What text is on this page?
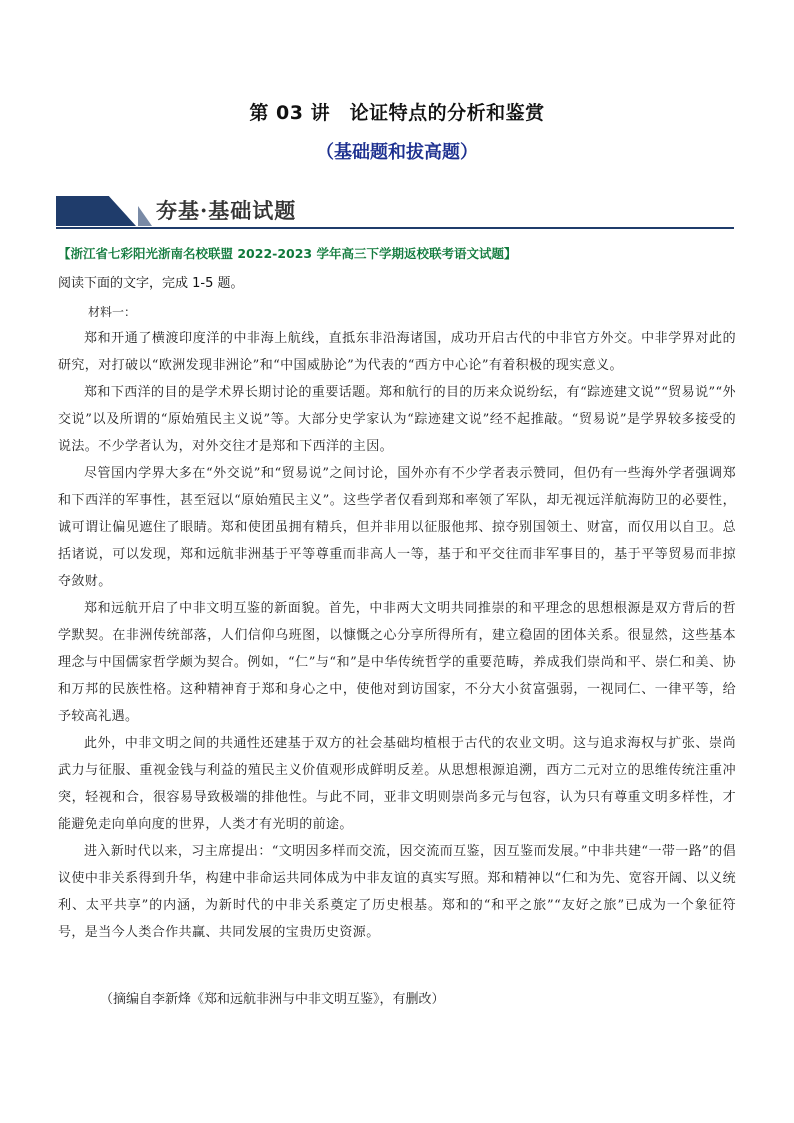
第 03 讲　论证特点的分析和鉴赏
（基础题和拔高题）
夯基·基础试题
【浙江省七彩阳光浙南名校联盟 2022-2023 学年高三下学期返校联考语文试题】
阅读下面的文字，完成 1-5 题。
材料一：

郑和开通了横渡印度洋的中非海上航线，直抵东非沿海诸国，成功开启古代的中非官方外交。中非学界对此的研究，对打破以“欧洲发现非洲论”和“中国威胁论”为代表的“西方中心论”有着积极的现实意义。

郑和下西洋的目的是学术界长期讨论的重要话题。郑和航行的目的历来众说纷纭，有“踪迹建文说”“贸易说”“外交说”以及所谓的“原始殖民主义说”等。大部分史学家认为“踪迹建文说”经不起推敲。“贸易说”是学界较多接受的说法。不少学者认为，对外交往才是郑和下西洋的主因。

尽管国内学界大多在“外交说”和“贸易说”之间讨论，国外亦有不少学者表示赞同，但仍有一些海外学者强调郑和下西洋的军事性，甚至冠以“原始殖民主义”。这些学者仅看到郑和率领了军队，却无视远洋航海防卫的必要性，诚可谓让偏见遮住了眼睛。郑和使团虽拥有精兵，但并非用以征服他邦、掠夺别国领土、财富，而仅用以自卫。总括诸说，可以发现，郑和远航非洲基于平等尊重而非高人一等，基于和平交往而非军事目的，基于平等贸易而非掠夺敛财。

郑和远航开启了中非文明互鉴的新面貌。首先，中非两大文明共同推崇的和平理念的思想根源是双方背后的哲学默契。在非洲传统部落，人们信仰乌班图，以慷慨之心分享所得所有，建立稳固的团体关系。很显然，这些基本理念与中国儒家哲学颇为契合。例如，“仁”与“和”是中华传统哲学的重要范畴，养成我们崇尚和平、崇仁和美、协和万邦的民族性格。这种精神育于郑和身心之中，使他对到访国家，不分大小贫富强弱，一视同仁、一律平等，给予较高礼遇。

此外，中非文明之间的共通性还建基于双方的社会基础均植根于古代的农业文明。这与追求海权与扩张、崇尚武力与征服、重视金钱与利益的殖民主义价值观形成鲜明反差。从思想根源追溯，西方二元对立的思维传统注重冲突，轻视和合，很容易导致极端的排他性。与此不同，亚非文明则崇尚多元与包容，认为只有尊重文明多样性，才能避免走向单向度的世界，人类才有光明的前途。

进入新时代以来，习主席提出：“文明因多样而交流，因交流而互鉴，因互鉴而发展。”中非共建“一带一路”的倡议使中非关系得到升华，构建中非命运共同体成为中非友谊的真实写照。郑和精神以“仁和为先、宽容开阔、以义统利、太平共享”的内涵，为新时代的中非关系奠定了历史根基。郑和的“和平之旅”“友好之旅”已成为一个象征符号，是当今人类合作共赢、共同发展的宝贵历史资源。

（摘编自李新烽《郑和远航非洲与中非文明互鉴》，有删改）
